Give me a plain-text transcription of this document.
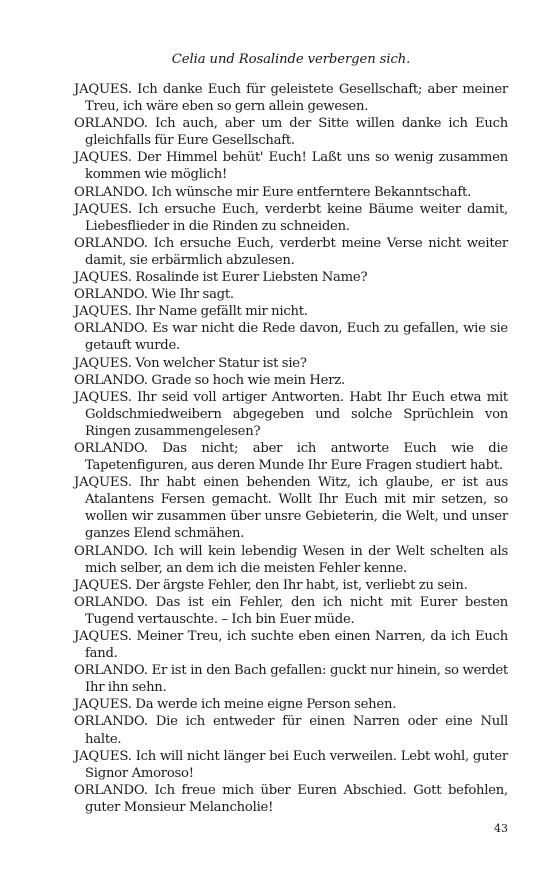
Celia und Rosalinde verbergen sich.

JAQUES. Ich danke Euch für geleistete Gesellschaft; aber meiner Treu, ich wäre eben so gern allein gewesen.

ORLANDO. Ich auch, aber um der Sitte willen danke ich Euch gleichfalls für Eure Gesellschaft.

JAQUES. Der Himmel behüt' Euch! Laßt uns so wenig zusammen kommen wie möglich!

ORLANDO. Ich wünsche mir Eure entferntere Bekanntschaft.

JAQUES. Ich ersuche Euch, verderbt keine Bäume weiter damit, Liebesflieder in die Rinden zu schneiden.

ORLANDO. Ich ersuche Euch, verderbt meine Verse nicht weiter damit, sie erbärmlich abzulesen.

JAQUES. Rosalinde ist Eurer Liebsten Name?

ORLANDO. Wie Ihr sagt.

JAQUES. Ihr Name gefällt mir nicht.

ORLANDO. Es war nicht die Rede davon, Euch zu gefallen, wie sie getauft wurde.

JAQUES. Von welcher Statur ist sie?

ORLANDO. Grade so hoch wie mein Herz.

JAQUES. Ihr seid voll artiger Antworten. Habt Ihr Euch etwa mit Goldschmiedweibern abgegeben und solche Sprüchlein von Ringen zusammengelesen?

ORLANDO. Das nicht; aber ich antworte Euch wie die Tapetenfiguren, aus deren Munde Ihr Eure Fragen studiert habt.

JAQUES. Ihr habt einen behenden Witz, ich glaube, er ist aus Atalantens Fersen gemacht. Wollt Ihr Euch mit mir setzen, so wollen wir zusammen über unsre Gebieterin, die Welt, und unser ganzes Elend schmähen.

ORLANDO. Ich will kein lebendig Wesen in der Welt schelten als mich selber, an dem ich die meisten Fehler kenne.

JAQUES. Der ärgste Fehler, den Ihr habt, ist, verliebt zu sein.

ORLANDO. Das ist ein Fehler, den ich nicht mit Eurer besten Tugend vertauschte. – Ich bin Euer müde.

JAQUES. Meiner Treu, ich suchte eben einen Narren, da ich Euch fand.

ORLANDO. Er ist in den Bach gefallen: guckt nur hinein, so werdet Ihr ihn sehn.

JAQUES. Da werde ich meine eigne Person sehen.

ORLANDO. Die ich entweder für einen Narren oder eine Null halte.

JAQUES. Ich will nicht länger bei Euch verweilen. Lebt wohl, guter Signor Amoroso!

ORLANDO. Ich freue mich über Euren Abschied. Gott befohlen, guter Monsieur Melancholie!

43
